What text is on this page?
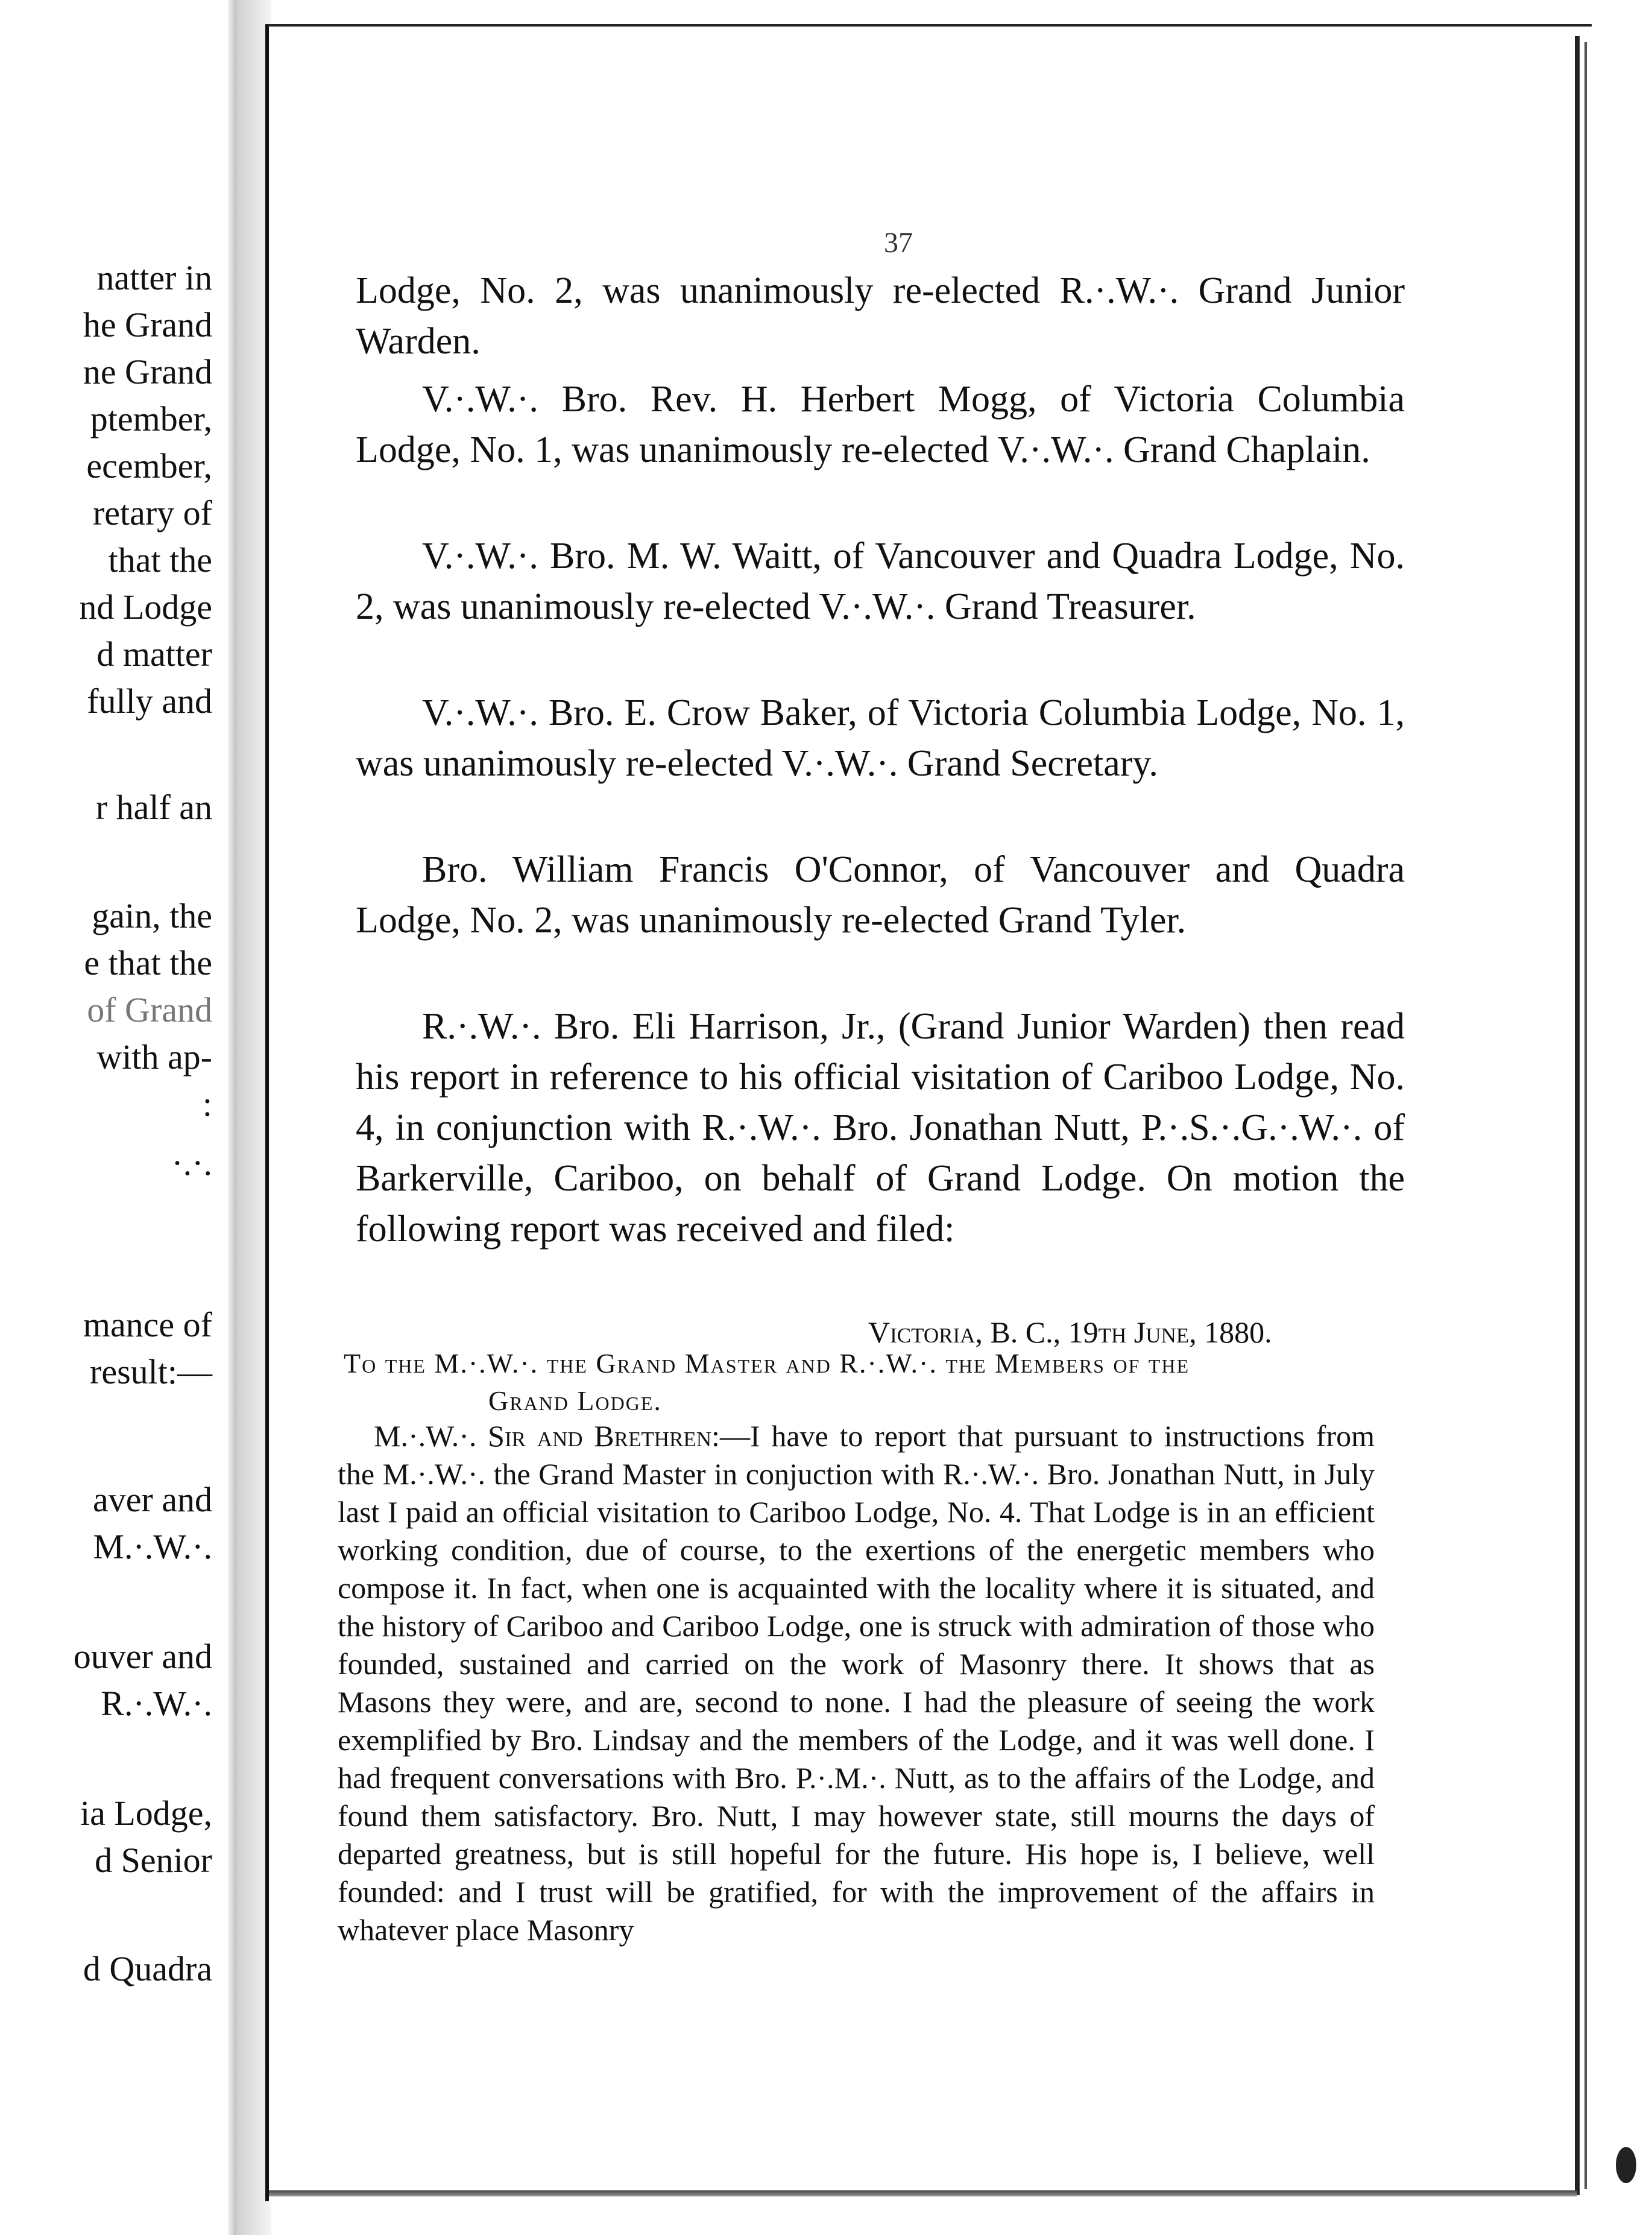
natter in
he Grand
ne Grand
ptember,
ecember,
retary of
that the
nd Lodge
d matter
fully and
r half an
gain, the
e that the
of Grand
with ap-
:
·.·.
mance of
result:—
aver and
M.·.W.·.
ouver and
R.·.W.·.
ia Lodge,
d Senior
d Quadra
37

Lodge, No. 2, was unanimously re-elected R.·.W.·. Grand Junior Warden.

V.·.W.·. Bro. Rev. H. Herbert Mogg, of Victoria Columbia Lodge, No. 1, was unanimously re-elected V.·.W.·. Grand Chaplain.

V.·.W.·. Bro. M. W. Waitt, of Vancouver and Quadra Lodge, No. 2, was unanimously re-elected V.·.W.·. Grand Treasurer.

V.·.W.·. Bro. E. Crow Baker, of Victoria Columbia Lodge, No. 1, was unanimously re-elected V.·.W.·. Grand Secretary.

Bro. William Francis O'Connor, of Vancouver and Quadra Lodge, No. 2, was unanimously re-elected Grand Tyler.

R.·.W.·. Bro. Eli Harrison, Jr., (Grand Junior Warden) then read his report in reference to his official visitation of Cariboo Lodge, No. 4, in conjunction with R.·.W.·. Bro. Jonathan Nutt, P.·.S.·.G.·.W.·. of Barkerville, Cariboo, on behalf of Grand Lodge. On motion the following report was received and filed:

Victoria, B. C., 19th June, 1880.
To the M.·.W.·. the Grand Master and R.·.W.·. the Members of the
Grand Lodge.
M.·.W.·. Sir and Brethren:—I have to report that pursuant to instructions from the M.·.W.·. the Grand Master in conjuction with R.·.W.·. Bro. Jonathan Nutt, in July last I paid an official visitation to Cariboo Lodge, No. 4. That Lodge is in an efficient working condition, due of course, to the exertions of the energetic members who compose it. In fact, when one is acquainted with the locality where it is situated, and the history of Cariboo and Cariboo Lodge, one is struck with admiration of those who founded, sustained and carried on the work of Masonry there. It shows that as Masons they were, and are, second to none. I had the pleasure of seeing the work exemplified by Bro. Lindsay and the members of the Lodge, and it was well done. I had frequent conversations with Bro. P.·.M.·. Nutt, as to the affairs of the Lodge, and found them satisfactory. Bro. Nutt, I may however state, still mourns the days of departed greatness, but is still hopeful for the future. His hope is, I believe, well founded: and I trust will be gratified, for with the improvement of the affairs in whatever place Masonry
